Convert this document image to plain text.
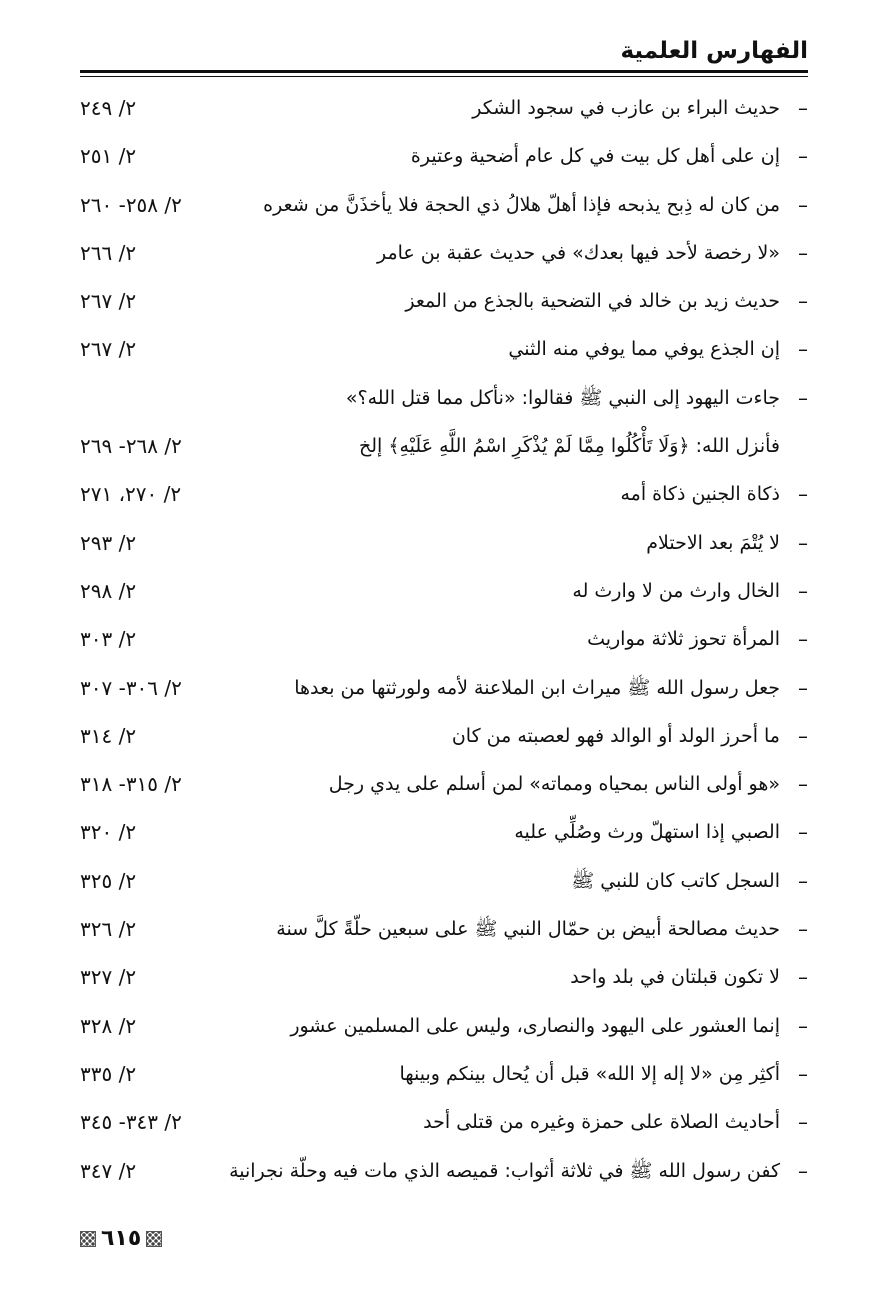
الفهارس العلمية
–
حديث البراء بن عازب في سجود الشكر
٢/ ٢٤٩
–
إن على أهل كل بيت في كل عام أضحية وعتيرة
٢/ ٢٥١
–
من كان له ذِبح يذبحه فإذا أهلّ هلالُ ذي الحجة فلا يأخذَنَّ من شعره
٢/ ٢٥٨- ٢٦٠
–
«لا رخصة لأحد فيها بعدك» في حديث عقبة بن عامر
٢/ ٢٦٦
–
حديث زيد بن خالد في التضحية بالجذع من المعز
٢/ ٢٦٧
–
إن الجذع يوفي مما يوفي منه الثني
٢/ ٢٦٧
–
جاءت اليهود إلى النبي ﷺ فقالوا: «نأكل مما قتل الله؟»
فأنزل الله: ﴿وَلَا تَأْكُلُوا مِمَّا لَمْ يُذْكَرِ اسْمُ اللَّهِ عَلَيْهِ﴾ إلخ
٢/ ٢٦٨- ٢٦٩
–
ذكاة الجنين ذكاة أمه
٢/ ٢٧٠، ٢٧١
–
لا يُتْمَ بعد الاحتلام
٢/ ٢٩٣
–
الخال وارث من لا وارث له
٢/ ٢٩٨
–
المرأة تحوز ثلاثة مواريث
٢/ ٣٠٣
–
جعل رسول الله ﷺ ميراث ابن الملاعنة لأمه ولورثتها من بعدها
٢/ ٣٠٦- ٣٠٧
–
ما أحرز الولد أو الوالد فهو لعصبته من كان
٢/ ٣١٤
–
«هو أولى الناس بمحياه ومماته» لمن أسلم على يدي رجل
٢/ ٣١٥- ٣١٨
–
الصبي إذا استهلّ ورث وصُلِّي عليه
٢/ ٣٢٠
–
السجل كاتب كان للنبي ﷺ
٢/ ٣٢٥
–
حديث مصالحة أبيض بن حمّال النبي ﷺ على سبعين حلّةً كلَّ سنة
٢/ ٣٢٦
–
لا تكون قبلتان في بلد واحد
٢/ ٣٢٧
–
إنما العشور على اليهود والنصارى، وليس على المسلمين عشور
٢/ ٣٢٨
–
أكثِر مِن «لا إله إلا الله» قبل أن يُحال بينكم وبينها
٢/ ٣٣٥
–
أحاديث الصلاة على حمزة وغيره من قتلى أحد
٢/ ٣٤٣- ٣٤٥
–
كفن رسول الله ﷺ في ثلاثة أثواب: قميصه الذي مات فيه وحلّة نجرانية
٢/ ٣٤٧
٦١٥
